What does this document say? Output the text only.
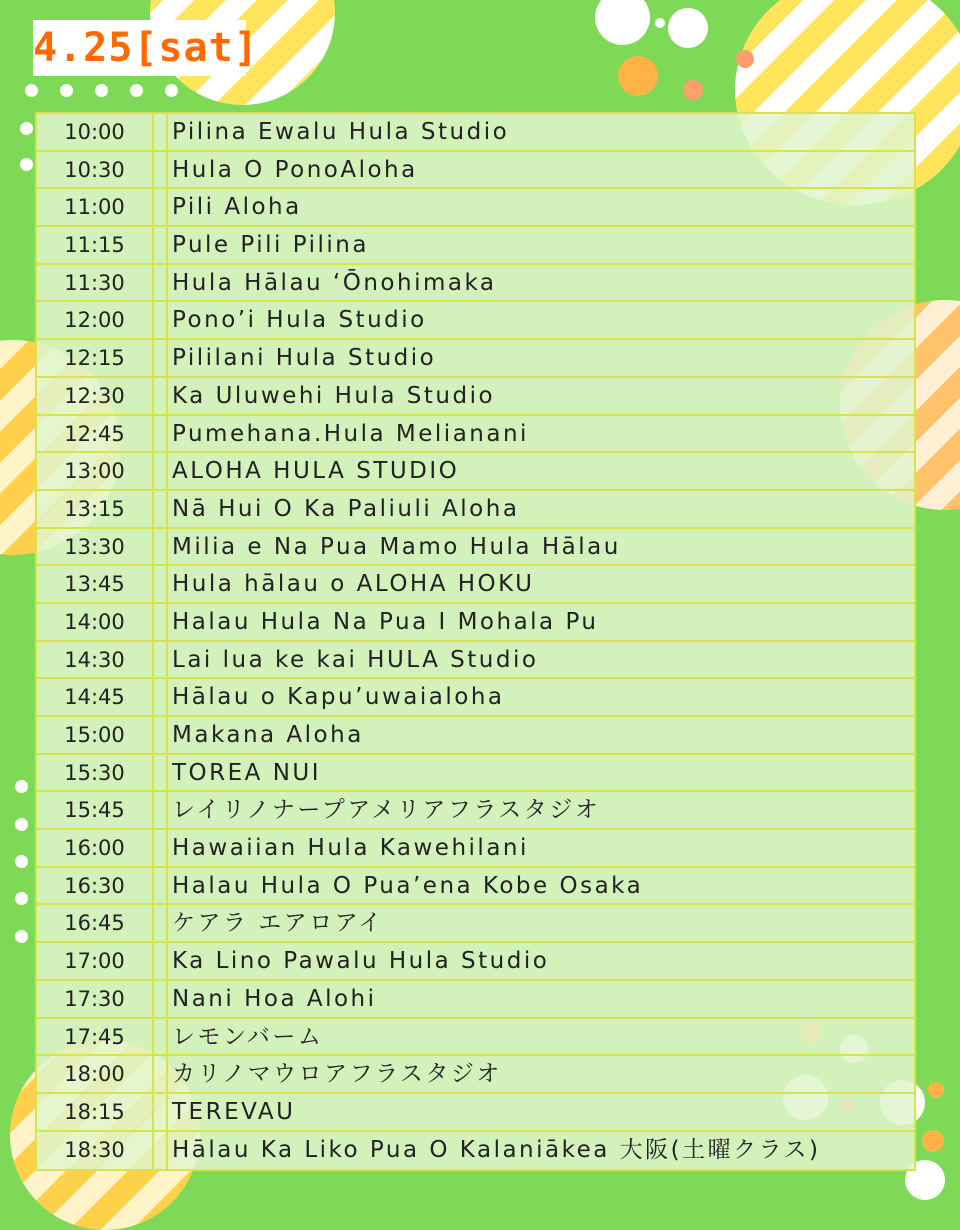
4.25[sat]
10:00	Pilina Ewalu Hula Studio
10:30	Hula O PonoAloha
11:00	Pili Aloha
11:15	Pule Pili Pilina
11:30	Hula Hālau ʻŌnohimaka
12:00	Pono’i Hula Studio
12:15	Pililani Hula Studio
12:30	Ka Uluwehi Hula Studio
12:45	Pumehana.Hula Melianani
13:00	ALOHA HULA STUDIO
13:15	Nā Hui O Ka Paliuli Aloha
13:30	Milia e Na Pua Mamo Hula Hālau
13:45	Hula hālau o ALOHA HOKU
14:00	Halau Hula Na Pua I Mohala Pu
14:30	Lai lua ke kai HULA Studio
14:45	Hālau o Kapu’uwaialoha
15:00	Makana Aloha
15:30	TOREA NUI
15:45	レイリノナープアメリアフラスタジオ
16:00	Hawaiian Hula Kawehilani
16:30	Halau Hula O Pua’ena Kobe Osaka
16:45	ケアラ エアロアイ
17:00	Ka Lino Pawalu Hula Studio
17:30	Nani Hoa Alohi
17:45	レモンバーム
18:00	カリノマウロアフラスタジオ
18:15	TEREVAU
18:30	Hālau Ka Liko Pua O Kalaniākea 大阪(土曜クラス)
